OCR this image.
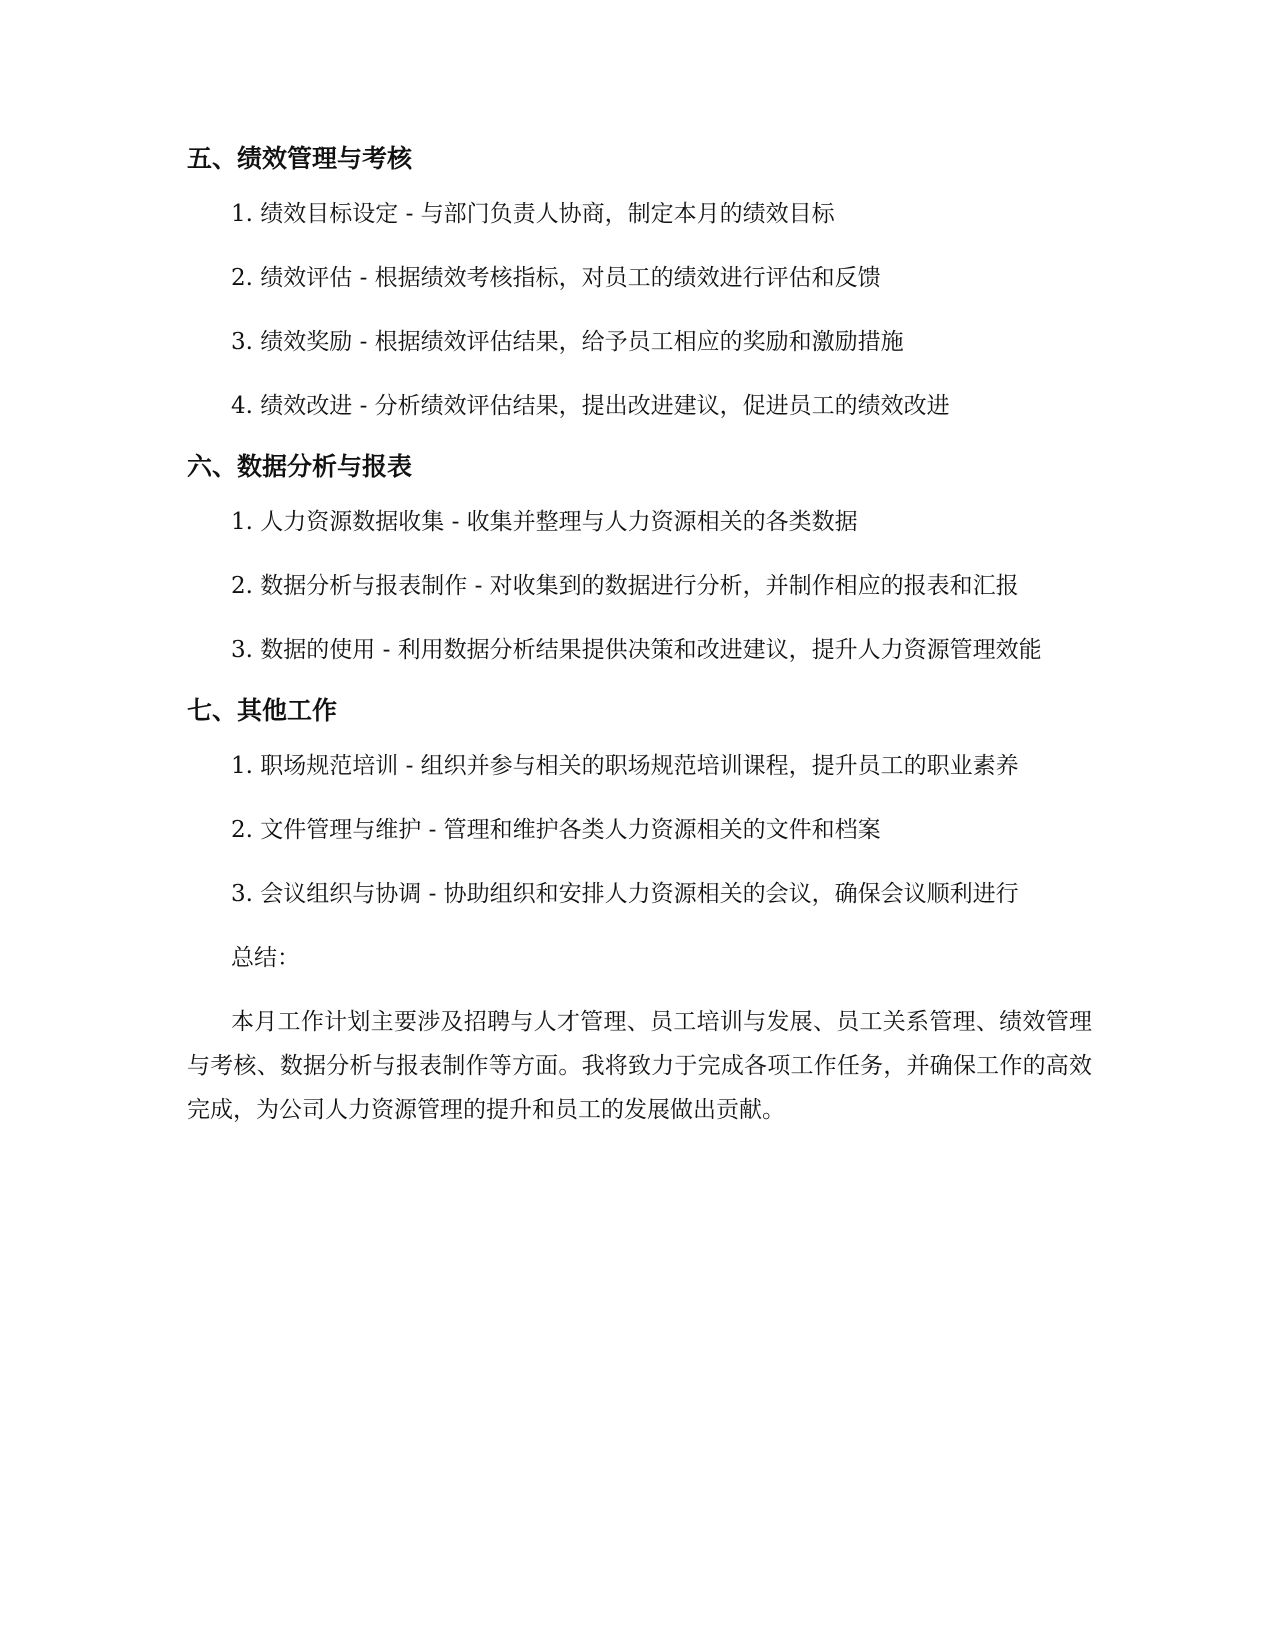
五、绩效管理与考核

1. 绩效目标设定 - 与部门负责人协商，制定本月的绩效目标

2. 绩效评估 - 根据绩效考核指标，对员工的绩效进行评估和反馈

3. 绩效奖励 - 根据绩效评估结果，给予员工相应的奖励和激励措施

4. 绩效改进 - 分析绩效评估结果，提出改进建议，促进员工的绩效改进

六、数据分析与报表

1. 人力资源数据收集 - 收集并整理与人力资源相关的各类数据

2. 数据分析与报表制作 - 对收集到的数据进行分析，并制作相应的报表和汇报

3. 数据的使用 - 利用数据分析结果提供决策和改进建议，提升人力资源管理效能

七、其他工作

1. 职场规范培训 - 组织并参与相关的职场规范培训课程，提升员工的职业素养

2. 文件管理与维护 - 管理和维护各类人力资源相关的文件和档案

3. 会议组织与协调 - 协助组织和安排人力资源相关的会议，确保会议顺利进行

总结：

本月工作计划主要涉及招聘与人才管理、员工培训与发展、员工关系管理、绩效管理与考核、数据分析与报表制作等方面。我将致力于完成各项工作任务，并确保工作的高效完成，为公司人力资源管理的提升和员工的发展做出贡献。
